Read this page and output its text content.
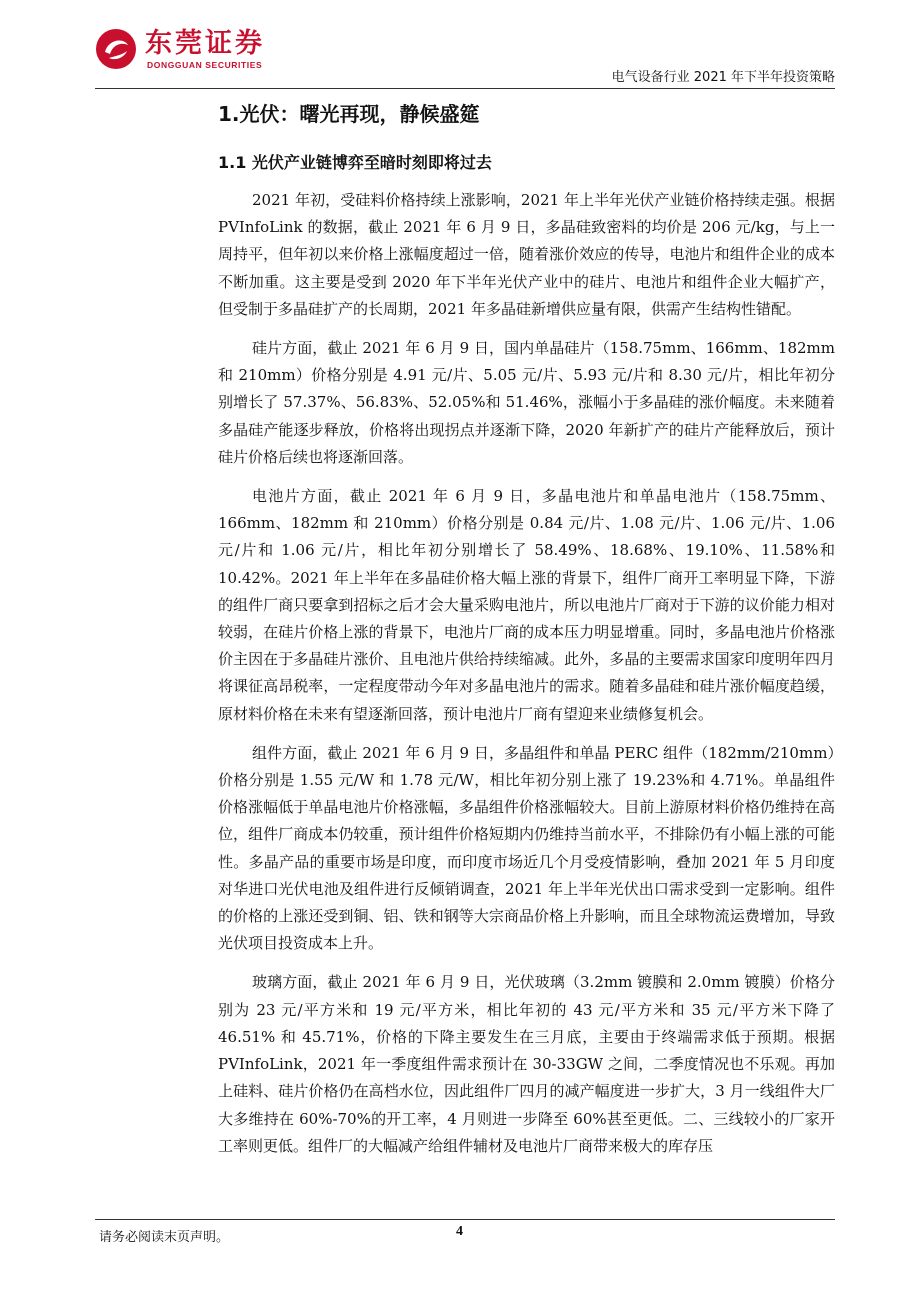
东莞证券
DONGGUAN SECURITIES
电气设备行业 2021 年下半年投资策略
1.光伏：曙光再现，静候盛筵
1.1 光伏产业链博弈至暗时刻即将过去

2021 年初，受硅料价格持续上涨影响，2021 年上半年光伏产业链价格持续走强。根据 PVInfoLink 的数据，截止 2021 年 6 月 9 日，多晶硅致密料的均价是 206 元/kg，与上一周持平，但年初以来价格上涨幅度超过一倍，随着涨价效应的传导，电池片和组件企业的成本不断加重。这主要是受到 2020 年下半年光伏产业中的硅片、电池片和组件企业大幅扩产，但受制于多晶硅扩产的长周期，2021 年多晶硅新增供应量有限，供需产生结构性错配。

硅片方面，截止 2021 年 6 月 9 日，国内单晶硅片（158.75mm、166mm、182mm 和 210mm）价格分别是 4.91 元/片、5.05 元/片、5.93 元/片和 8.30 元/片，相比年初分别增长了 57.37%、56.83%、52.05%和 51.46%，涨幅小于多晶硅的涨价幅度。未来随着多晶硅产能逐步释放，价格将出现拐点并逐渐下降，2020 年新扩产的硅片产能释放后，预计硅片价格后续也将逐渐回落。

电池片方面，截止 2021 年 6 月 9 日，多晶电池片和单晶电池片（158.75mm、166mm、182mm 和 210mm）价格分别是 0.84 元/片、1.08 元/片、1.06 元/片、1.06 元/片和 1.06 元/片，相比年初分别增长了 58.49%、18.68%、19.10%、11.58%和 10.42%。2021 年上半年在多晶硅价格大幅上涨的背景下，组件厂商开工率明显下降，下游的组件厂商只要拿到招标之后才会大量采购电池片，所以电池片厂商对于下游的议价能力相对较弱，在硅片价格上涨的背景下，电池片厂商的成本压力明显增重。同时，多晶电池片价格涨价主因在于多晶硅片涨价、且电池片供给持续缩减。此外，多晶的主要需求国家印度明年四月将课征高昂税率，一定程度带动今年对多晶电池片的需求。随着多晶硅和硅片涨价幅度趋缓，原材料价格在未来有望逐渐回落，预计电池片厂商有望迎来业绩修复机会。

组件方面，截止 2021 年 6 月 9 日，多晶组件和单晶 PERC 组件（182mm/210mm）价格分别是 1.55 元/W 和 1.78 元/W，相比年初分别上涨了 19.23%和 4.71%。单晶组件价格涨幅低于单晶电池片价格涨幅，多晶组件价格涨幅较大。目前上游原材料价格仍维持在高位，组件厂商成本仍较重，预计组件价格短期内仍维持当前水平，不排除仍有小幅上涨的可能性。多晶产品的重要市场是印度，而印度市场近几个月受疫情影响，叠加 2021 年 5 月印度对华进口光伏电池及组件进行反倾销调查，2021 年上半年光伏出口需求受到一定影响。组件的价格的上涨还受到铜、铝、铁和钢等大宗商品价格上升影响，而且全球物流运费增加，导致光伏项目投资成本上升。

玻璃方面，截止 2021 年 6 月 9 日，光伏玻璃（3.2mm 镀膜和 2.0mm 镀膜）价格分别为 23 元/平方米和 19 元/平方米，相比年初的 43 元/平方米和 35 元/平方米下降了 46.51% 和 45.71%，价格的下降主要发生在三月底，主要由于终端需求低于预期。根据 PVInfoLink，2021 年一季度组件需求预计在 30-33GW 之间，二季度情况也不乐观。再加上硅料、硅片价格仍在高档水位，因此组件厂四月的减产幅度进一步扩大，3 月一线组件大厂大多维持在 60%-70%的开工率，4 月则进一步降至 60%甚至更低。二、三线较小的厂家开工率则更低。组件厂的大幅减产给组件辅材及电池片厂商带来极大的库存压

请务必阅读末页声明。	4
